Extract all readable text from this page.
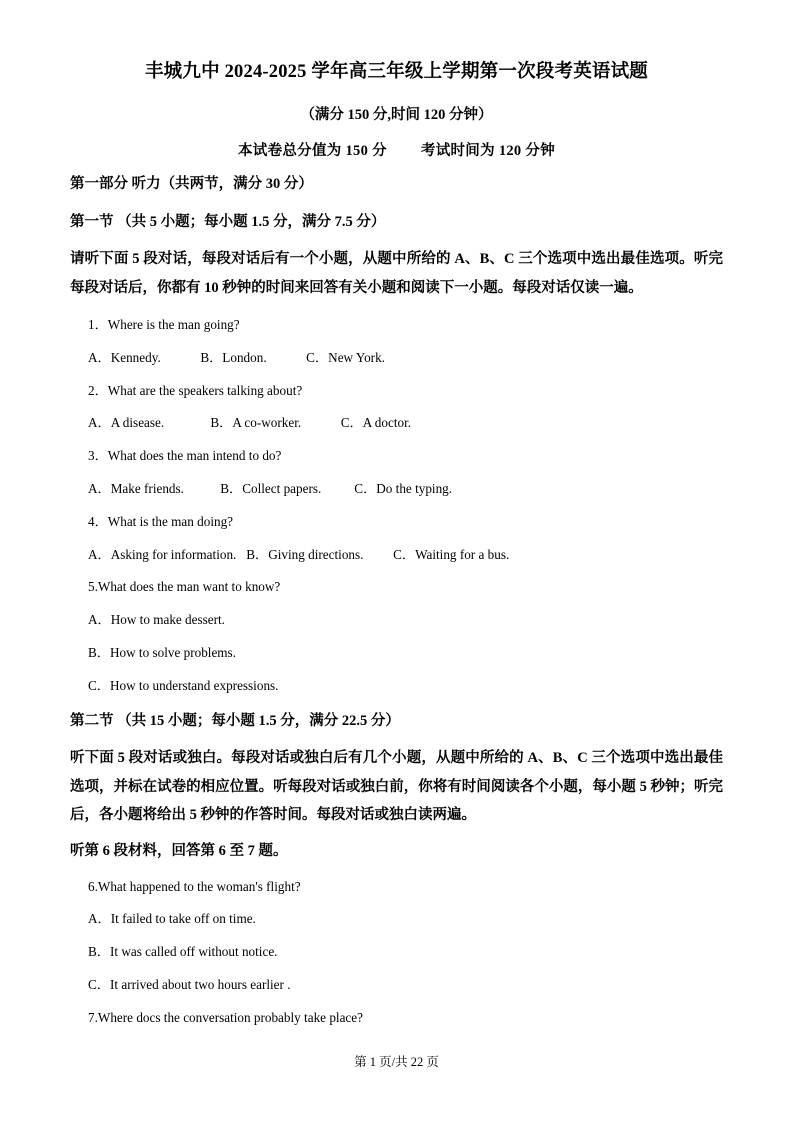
丰城九中 2024-2025 学年高三年级上学期第一次段考英语试题
（满分 150 分,时间 120 分钟）
本试卷总分值为 150 分 考试时间为 120 分钟
第一部分 听力（共两节，满分 30 分）
第一节 （共 5 小题；每小题 1.5 分，满分 7.5 分）
请听下面 5 段对话，每段对话后有一个小题，从题中所给的 A、B、C 三个选项中选出最佳选项。听完每段对话后，你都有 10 秒钟的时间来回答有关小题和阅读下一小题。每段对话仅读一遍。
1．Where is the man going?
A．Kennedy.            B．London.            C．New York.
2．What are the speakers talking about?
A．A disease.              B．A co-worker.            C．A doctor.
3．What does the man intend to do?
A．Make friends.           B．Collect papers.          C．Do the typing.
4．What is the man doing?
A．Asking for information.   B．Giving directions.         C．Waiting for a bus.
5.What does the man want to know?
A．How to make dessert.
B．How to solve problems.
C．How to understand expressions.
第二节 （共 15 小题；每小题 1.5 分，满分 22.5 分）
听下面 5 段对话或独白。每段对话或独白后有几个小题，从题中所给的 A、B、C 三个选项中选出最佳选项，并标在试卷的相应位置。听每段对话或独白前，你将有时间阅读各个小题，每小题 5 秒钟；听完后，各小题将给出 5 秒钟的作答时间。每段对话或独白读两遍。
听第 6 段材料，回答第 6 至 7 题。
6.What happened to the woman's flight?
A．It failed to take off on time.
B．It was called off without notice.
C．It arrived about two hours earlier .
7.Where docs the conversation probably take place?
第 1 页/共 22 页
